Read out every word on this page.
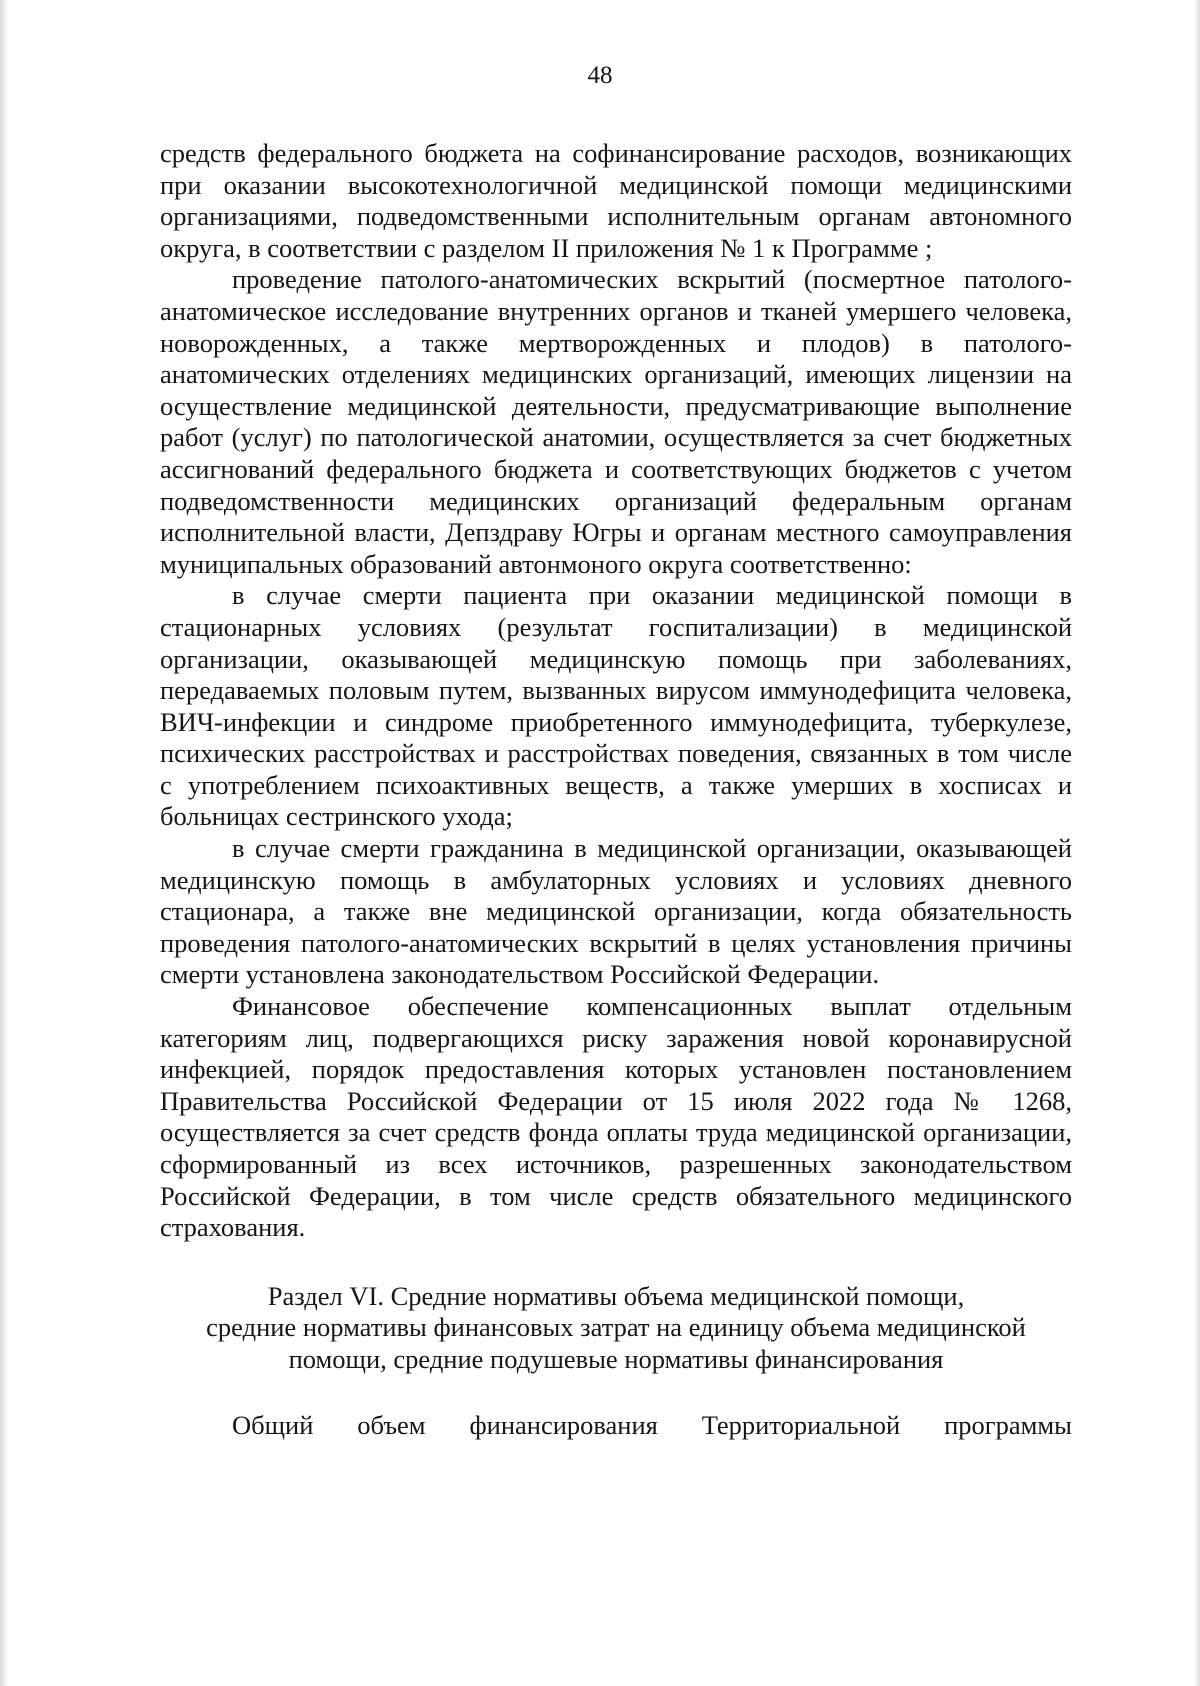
48

средств федерального бюджета на софинансирование расходов, возникающих при оказании высокотехнологичной медицинской помощи медицинскими организациями, подведомственными исполнительным органам автономного округа, в соответствии с разделом II приложения № 1 к Программе ;

проведение патолого-анатомических вскрытий (посмертное патолого-анатомическое исследование внутренних органов и тканей умершего человека, новорожденных, а также мертворожденных и плодов) в патолого-анатомических отделениях медицинских организаций, имеющих лицензии на осуществление медицинской деятельности, предусматривающие выполнение работ (услуг) по патологической анатомии, осуществляется за счет бюджетных ассигнований федерального бюджета и соответствующих бюджетов с учетом подведомственности медицинских организаций федеральным органам исполнительной власти, Депздраву Югры и органам местного самоуправления муниципальных образований автонмоного округа соответственно:

в случае смерти пациента при оказании медицинской помощи в стационарных условиях (результат госпитализации) в медицинской организации, оказывающей медицинскую помощь при заболеваниях, передаваемых половым путем, вызванных вирусом иммунодефицита человека, ВИЧ-инфекции и синдроме приобретенного иммунодефицита, туберкулезе, психических расстройствах и расстройствах поведения, связанных в том числе с употреблением психоактивных веществ, а также умерших в хосписах и больницах сестринского ухода;

в случае смерти гражданина в медицинской организации, оказывающей медицинскую помощь в амбулаторных условиях и условиях дневного стационара, а также вне медицинской организации, когда обязательность проведения патолого-анатомических вскрытий в целях установления причины смерти установлена законодательством Российской Федерации.

Финансовое обеспечение компенсационных выплат отдельным категориям лиц, подвергающихся риску заражения новой коронавирусной инфекцией, порядок предоставления которых установлен постановлением Правительства Российской Федерации от 15 июля 2022 года № 1268, осуществляется за счет средств фонда оплаты труда медицинской организации, сформированный из всех источников, разрешенных законодательством Российской Федерации, в том числе средств обязательного медицинского страхования.

Раздел VI. Средние нормативы объема медицинской помощи,
средние нормативы финансовых затрат на единицу объема медицинской
помощи, средние подушевые нормативы финансирования

Общий объем финансирования Территориальной программы
